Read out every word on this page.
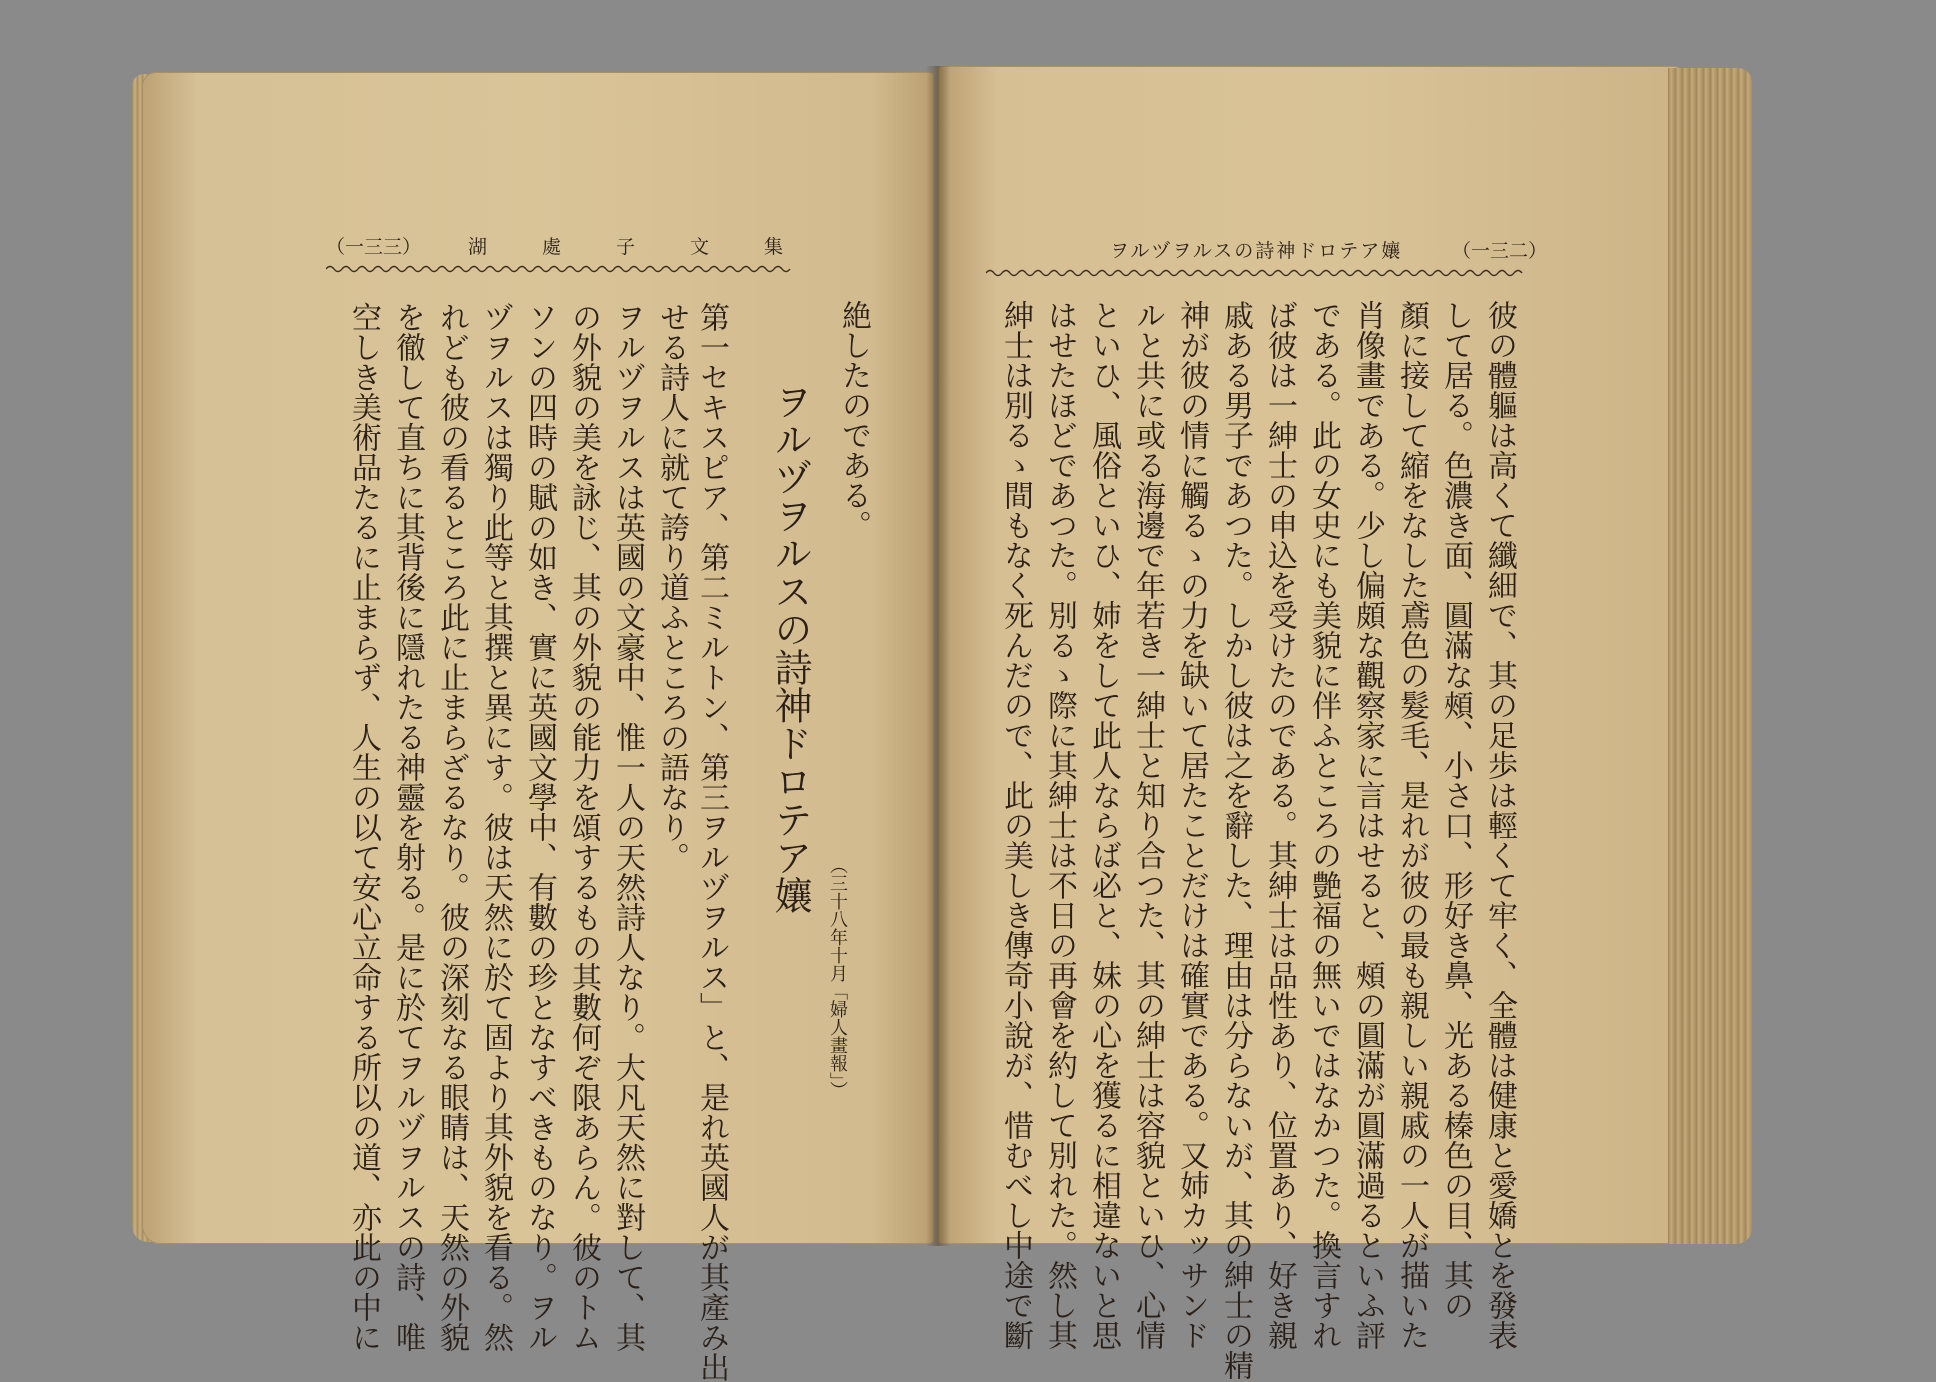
（一三三） 湖　處　子　文　集	ヲルヅヲルスの詩神ドロテア孃	（一三二）
絶したのである。
ヲルヅヲルスの詩神ドロテア孃
第一セキスピア、第二ミルトン、第三ヲルヅヲルス」と、是れ英國人が其產み出
せる詩人に就て誇り道ふところの語なり。
ヲルヅヲルスは英國の文豪中、惟一人の天然詩人なり。大凡天然に對して、其
の外貌の美を詠じ、其の外貌の能力を頌するもの其數何ぞ限あらん。彼のトム
ソンの四時の賦の如き、實に英國文學中、有數の珍となすべきものなり。ヲル
ヅヲルスは獨り此等と其撰と異にす。彼は天然に於て固より其外貌を看る。然
れども彼の看るところ此に止まらざるなり。彼の深刻なる眼睛は、天然の外貌
を徹して直ちに其背後に隱れたる神靈を射る。是に於てヲルヅヲルスの詩、唯
空しき美術品たるに止まらず、人生の以て安心立命する所以の道、亦此の中に	（三十八年十月「婦人畫報」）	彼の體軀は高くて纖細で、其の足歩は輕くて牢く、全體は健康と愛嬌とを發表
して居る。色濃き面、圓滿な頰、小さ口、形好き鼻、光ある榛色の目、其の
顏に接して縮をなした鳶色の髮毛、是れが彼の最も親しい親戚の一人が描いた
肖像畫である。少し偏頗な觀察家に言はせると、頰の圓滿が圓滿過るといふ評
である。此の女史にも美貌に伴ふところの艶福の無いではなかつた。換言すれ
ば彼は一紳士の申込を受けたのである。其紳士は品性あり、位置あり、好き親
戚ある男子であつた。しかし彼は之を辭した、理由は分らないが、其の紳士の精
神が彼の情に觸るゝの力を缺いて居たことだけは確實である。又姉カッサンド
ルと共に或る海邊で年若き一紳士と知り合つた、其の紳士は容貌といひ、心情
といひ、風俗といひ、姉をして此人ならば必と、妹の心を獲るに相違ないと思
はせたほどであつた。別るゝ際に其紳士は不日の再會を約して別れた。然し其
紳士は別るゝ間もなく死んだので、此の美しき傳奇小說が、惜むべし中途で斷
